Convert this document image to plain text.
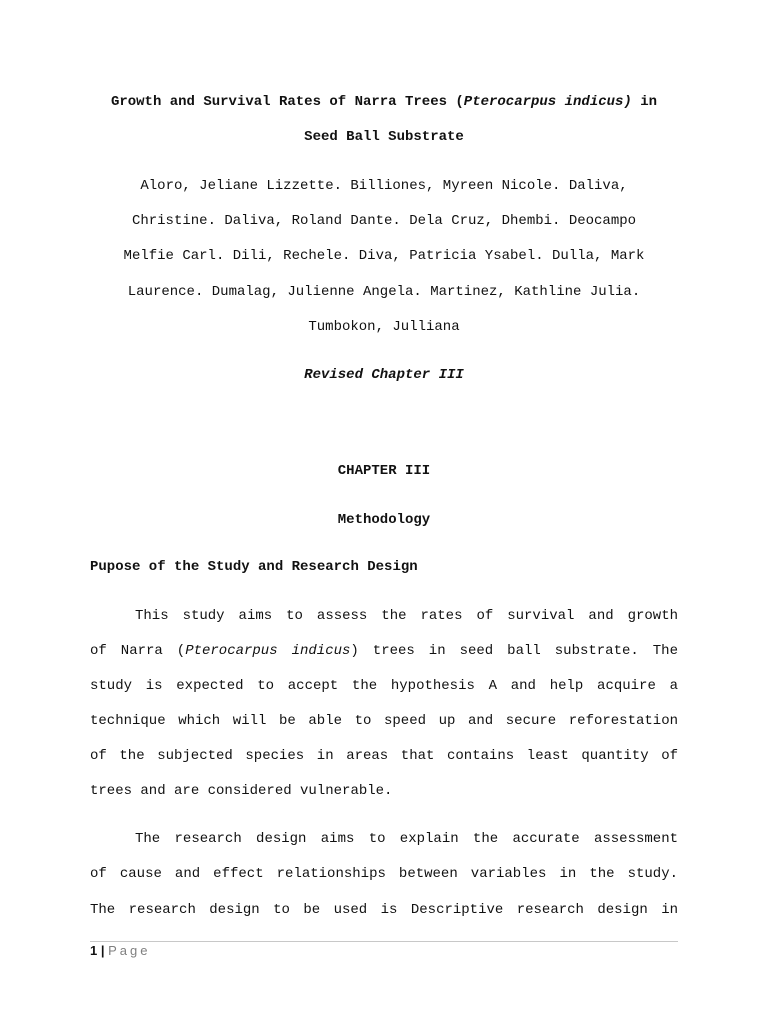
Growth and Survival Rates of Narra Trees (Pterocarpus indicus) in
Seed Ball Substrate
Aloro, Jeliane Lizzette. Billiones, Myreen Nicole. Daliva,
Christine. Daliva, Roland Dante. Dela Cruz, Dhembi. Deocampo
Melfie Carl. Dili, Rechele. Diva, Patricia Ysabel. Dulla, Mark
Laurence. Dumalag, Julienne Angela. Martinez, Kathline Julia.
Tumbokon, Julliana
Revised Chapter III
CHAPTER III
Methodology
Pupose of the Study and Research Design
This study aims to assess the rates of survival and growth
of Narra (Pterocarpus indicus) trees in seed ball substrate. The
study is expected to accept the hypothesis A and help acquire a
technique which will be able to speed up and secure reforestation
of the subjected species in areas that contains least quantity of
trees and are considered vulnerable.
The research design aims to explain the accurate assessment
of cause and effect relationships between variables in the study.
The research design to be used is Descriptive research design in
1 | Page
